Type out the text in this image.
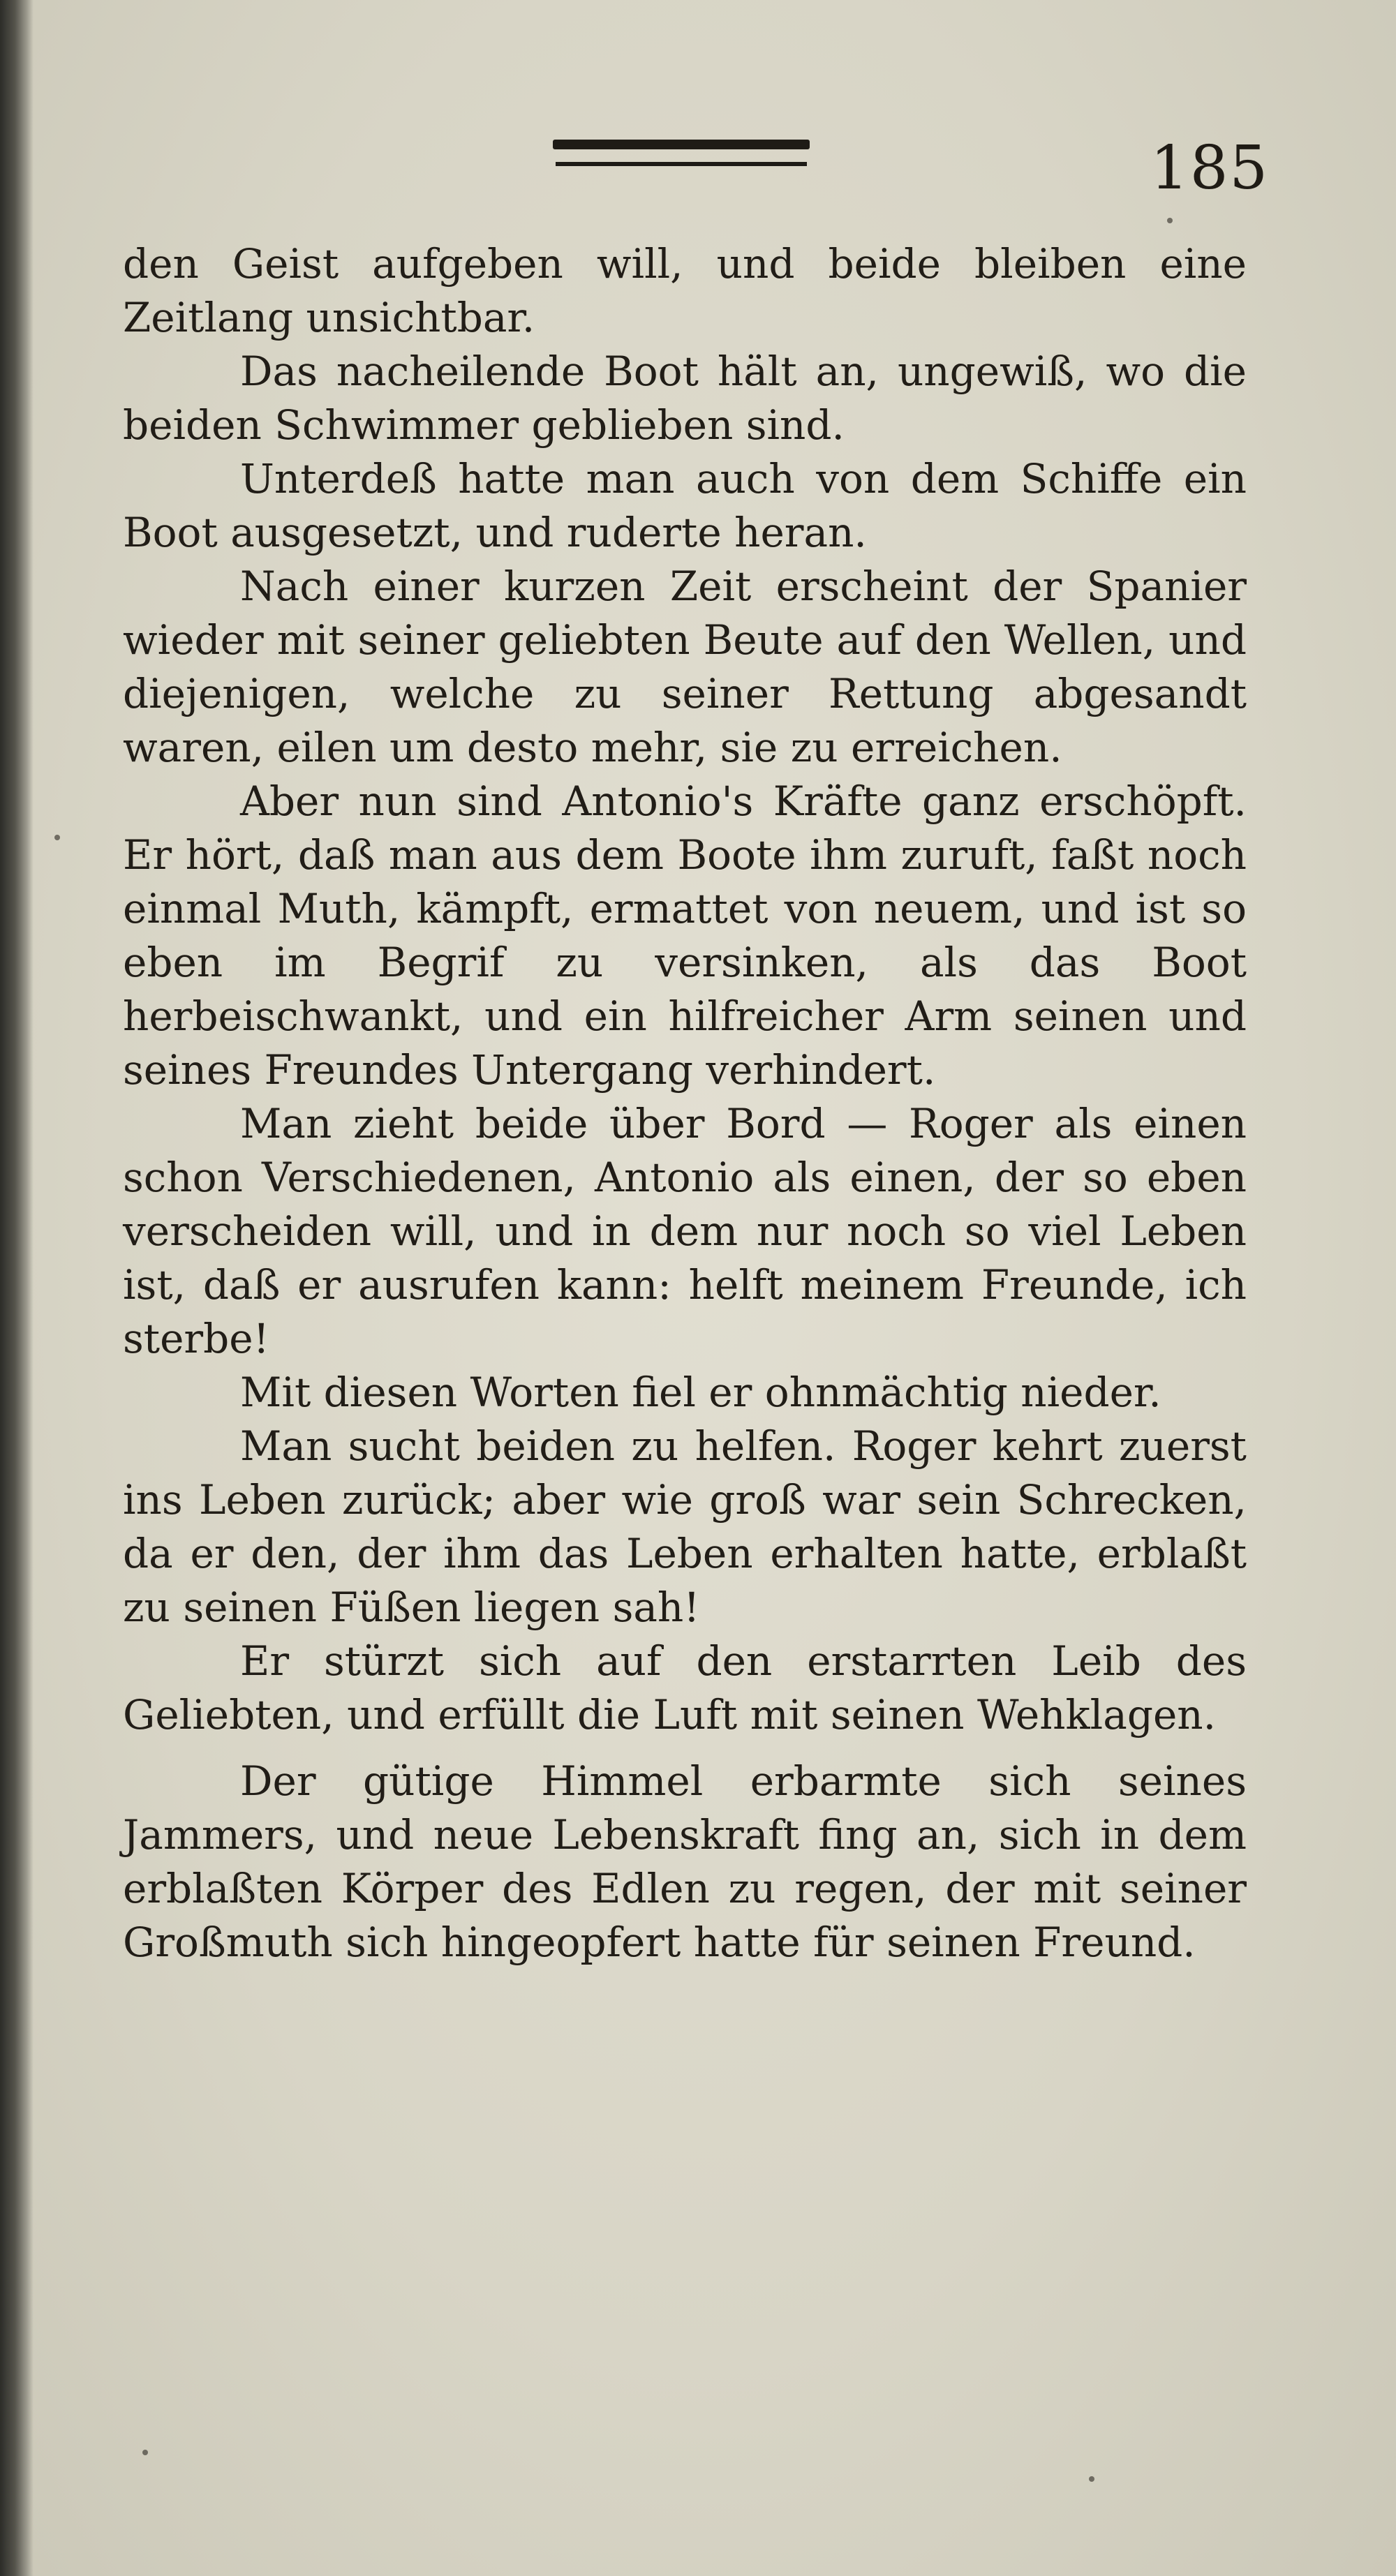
185

den Geist aufgeben will, und beide bleiben eine Zeitlang unsichtbar.

Das nacheilende Boot hält an, ungewiß, wo die beiden Schwimmer geblieben sind.

Unterdeß hatte man auch von dem Schiffe ein Boot ausgesetzt, und ruderte heran.

Nach einer kurzen Zeit erscheint der Spanier wieder mit seiner geliebten Beute auf den Wellen, und diejenigen, welche zu seiner Rettung abgesandt waren, eilen um desto mehr, sie zu erreichen.

Aber nun sind Antonio's Kräfte ganz erschöpft. Er hört, daß man aus dem Boote ihm zuruft, faßt noch einmal Muth, kämpft, ermattet von neuem, und ist so eben im Begrif zu versinken, als das Boot herbeischwankt, und ein hilfreicher Arm seinen und seines Freundes Untergang verhindert.

Man zieht beide über Bord — Roger als einen schon Verschiedenen, Antonio als einen, der so eben verscheiden will, und in dem nur noch so viel Leben ist, daß er ausrufen kann: helft meinem Freunde, ich sterbe!

Mit diesen Worten fiel er ohnmächtig nieder.

Man sucht beiden zu helfen. Roger kehrt zuerst ins Leben zurück; aber wie groß war sein Schrecken, da er den, der ihm das Leben erhalten hatte, erblaßt zu seinen Füßen liegen sah!

Er stürzt sich auf den erstarrten Leib des Geliebten, und erfüllt die Luft mit seinen Wehklagen.

Der gütige Himmel erbarmte sich seines Jammers, und neue Lebenskraft fing an, sich in dem erblaßten Körper des Edlen zu regen, der mit seiner Großmuth sich hingeopfert hatte für seinen Freund.
